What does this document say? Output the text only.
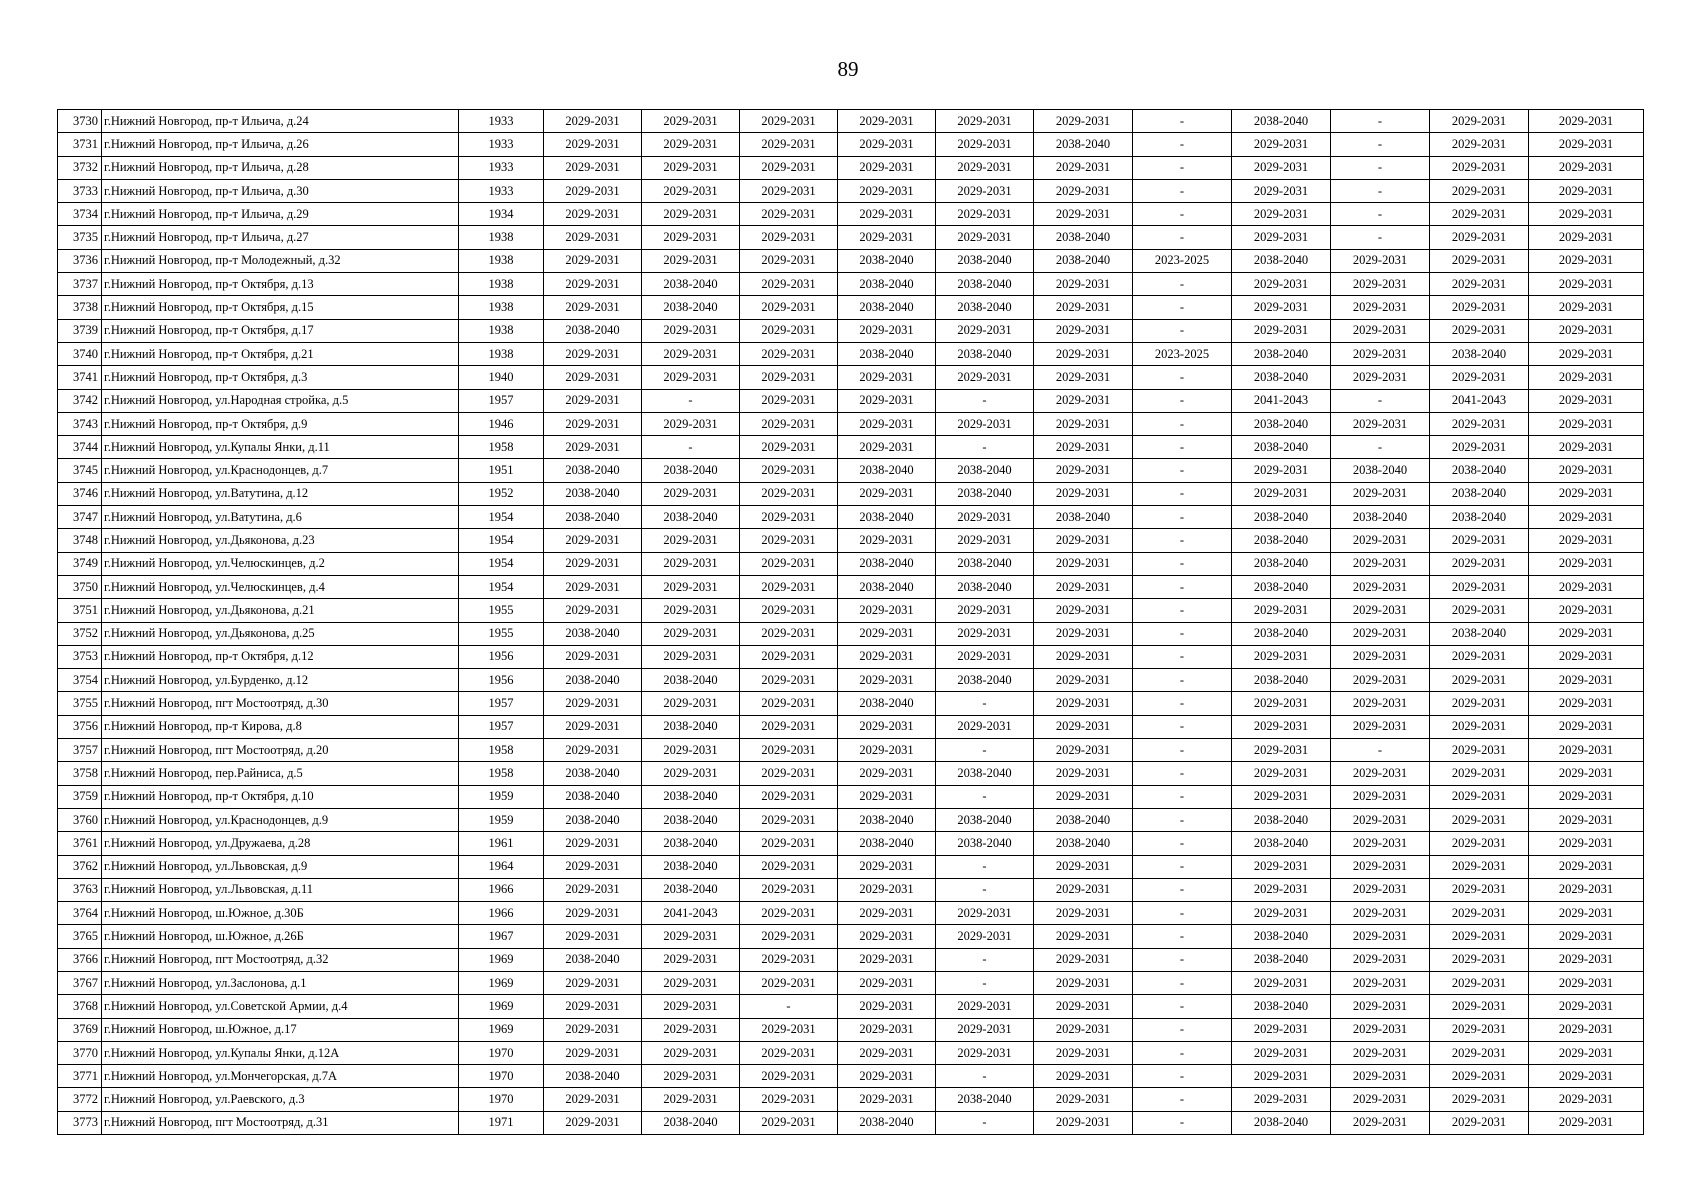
89
3730	г.Нижний Новгород, пр-т Ильича, д.24	1933	2029-2031	2029-2031	2029-2031	2029-2031	2029-2031	2029-2031	-	2038-2040	-	2029-2031	2029-2031
3731	г.Нижний Новгород, пр-т Ильича, д.26	1933	2029-2031	2029-2031	2029-2031	2029-2031	2029-2031	2038-2040	-	2029-2031	-	2029-2031	2029-2031
3732	г.Нижний Новгород, пр-т Ильича, д.28	1933	2029-2031	2029-2031	2029-2031	2029-2031	2029-2031	2029-2031	-	2029-2031	-	2029-2031	2029-2031
3733	г.Нижний Новгород, пр-т Ильича, д.30	1933	2029-2031	2029-2031	2029-2031	2029-2031	2029-2031	2029-2031	-	2029-2031	-	2029-2031	2029-2031
3734	г.Нижний Новгород, пр-т Ильича, д.29	1934	2029-2031	2029-2031	2029-2031	2029-2031	2029-2031	2029-2031	-	2029-2031	-	2029-2031	2029-2031
3735	г.Нижний Новгород, пр-т Ильича, д.27	1938	2029-2031	2029-2031	2029-2031	2029-2031	2029-2031	2038-2040	-	2029-2031	-	2029-2031	2029-2031
3736	г.Нижний Новгород, пр-т Молодежный, д.32	1938	2029-2031	2029-2031	2029-2031	2038-2040	2038-2040	2038-2040	2023-2025	2038-2040	2029-2031	2029-2031	2029-2031
3737	г.Нижний Новгород, пр-т Октября, д.13	1938	2029-2031	2038-2040	2029-2031	2038-2040	2038-2040	2029-2031	-	2029-2031	2029-2031	2029-2031	2029-2031
3738	г.Нижний Новгород, пр-т Октября, д.15	1938	2029-2031	2038-2040	2029-2031	2038-2040	2038-2040	2029-2031	-	2029-2031	2029-2031	2029-2031	2029-2031
3739	г.Нижний Новгород, пр-т Октября, д.17	1938	2038-2040	2029-2031	2029-2031	2029-2031	2029-2031	2029-2031	-	2029-2031	2029-2031	2029-2031	2029-2031
3740	г.Нижний Новгород, пр-т Октября, д.21	1938	2029-2031	2029-2031	2029-2031	2038-2040	2038-2040	2029-2031	2023-2025	2038-2040	2029-2031	2038-2040	2029-2031
3741	г.Нижний Новгород, пр-т Октября, д.3	1940	2029-2031	2029-2031	2029-2031	2029-2031	2029-2031	2029-2031	-	2038-2040	2029-2031	2029-2031	2029-2031
3742	г.Нижний Новгород, ул.Народная стройка, д.5	1957	2029-2031	-	2029-2031	2029-2031	-	2029-2031	-	2041-2043	-	2041-2043	2029-2031
3743	г.Нижний Новгород, пр-т Октября, д.9	1946	2029-2031	2029-2031	2029-2031	2029-2031	2029-2031	2029-2031	-	2038-2040	2029-2031	2029-2031	2029-2031
3744	г.Нижний Новгород, ул.Купалы Янки, д.11	1958	2029-2031	-	2029-2031	2029-2031	-	2029-2031	-	2038-2040	-	2029-2031	2029-2031
3745	г.Нижний Новгород, ул.Краснодонцев, д.7	1951	2038-2040	2038-2040	2029-2031	2038-2040	2038-2040	2029-2031	-	2029-2031	2038-2040	2038-2040	2029-2031
3746	г.Нижний Новгород, ул.Ватутина, д.12	1952	2038-2040	2029-2031	2029-2031	2029-2031	2038-2040	2029-2031	-	2029-2031	2029-2031	2038-2040	2029-2031
3747	г.Нижний Новгород, ул.Ватутина, д.6	1954	2038-2040	2038-2040	2029-2031	2038-2040	2029-2031	2038-2040	-	2038-2040	2038-2040	2038-2040	2029-2031
3748	г.Нижний Новгород, ул.Дьяконова, д.23	1954	2029-2031	2029-2031	2029-2031	2029-2031	2029-2031	2029-2031	-	2038-2040	2029-2031	2029-2031	2029-2031
3749	г.Нижний Новгород, ул.Челюскинцев, д.2	1954	2029-2031	2029-2031	2029-2031	2038-2040	2038-2040	2029-2031	-	2038-2040	2029-2031	2029-2031	2029-2031
3750	г.Нижний Новгород, ул.Челюскинцев, д.4	1954	2029-2031	2029-2031	2029-2031	2038-2040	2038-2040	2029-2031	-	2038-2040	2029-2031	2029-2031	2029-2031
3751	г.Нижний Новгород, ул.Дьяконова, д.21	1955	2029-2031	2029-2031	2029-2031	2029-2031	2029-2031	2029-2031	-	2029-2031	2029-2031	2029-2031	2029-2031
3752	г.Нижний Новгород, ул.Дьяконова, д.25	1955	2038-2040	2029-2031	2029-2031	2029-2031	2029-2031	2029-2031	-	2038-2040	2029-2031	2038-2040	2029-2031
3753	г.Нижний Новгород, пр-т Октября, д.12	1956	2029-2031	2029-2031	2029-2031	2029-2031	2029-2031	2029-2031	-	2029-2031	2029-2031	2029-2031	2029-2031
3754	г.Нижний Новгород, ул.Бурденко, д.12	1956	2038-2040	2038-2040	2029-2031	2029-2031	2038-2040	2029-2031	-	2038-2040	2029-2031	2029-2031	2029-2031
3755	г.Нижний Новгород, пгт Мостоотряд, д.30	1957	2029-2031	2029-2031	2029-2031	2038-2040	-	2029-2031	-	2029-2031	2029-2031	2029-2031	2029-2031
3756	г.Нижний Новгород, пр-т Кирова, д.8	1957	2029-2031	2038-2040	2029-2031	2029-2031	2029-2031	2029-2031	-	2029-2031	2029-2031	2029-2031	2029-2031
3757	г.Нижний Новгород, пгт Мостоотряд, д.20	1958	2029-2031	2029-2031	2029-2031	2029-2031	-	2029-2031	-	2029-2031	-	2029-2031	2029-2031
3758	г.Нижний Новгород, пер.Райниса, д.5	1958	2038-2040	2029-2031	2029-2031	2029-2031	2038-2040	2029-2031	-	2029-2031	2029-2031	2029-2031	2029-2031
3759	г.Нижний Новгород, пр-т Октября, д.10	1959	2038-2040	2038-2040	2029-2031	2029-2031	-	2029-2031	-	2029-2031	2029-2031	2029-2031	2029-2031
3760	г.Нижний Новгород, ул.Краснодонцев, д.9	1959	2038-2040	2038-2040	2029-2031	2038-2040	2038-2040	2038-2040	-	2038-2040	2029-2031	2029-2031	2029-2031
3761	г.Нижний Новгород, ул.Дружаева, д.28	1961	2029-2031	2038-2040	2029-2031	2038-2040	2038-2040	2038-2040	-	2038-2040	2029-2031	2029-2031	2029-2031
3762	г.Нижний Новгород, ул.Львовская, д.9	1964	2029-2031	2038-2040	2029-2031	2029-2031	-	2029-2031	-	2029-2031	2029-2031	2029-2031	2029-2031
3763	г.Нижний Новгород, ул.Львовская, д.11	1966	2029-2031	2038-2040	2029-2031	2029-2031	-	2029-2031	-	2029-2031	2029-2031	2029-2031	2029-2031
3764	г.Нижний Новгород, ш.Южное, д.30Б	1966	2029-2031	2041-2043	2029-2031	2029-2031	2029-2031	2029-2031	-	2029-2031	2029-2031	2029-2031	2029-2031
3765	г.Нижний Новгород, ш.Южное, д.26Б	1967	2029-2031	2029-2031	2029-2031	2029-2031	2029-2031	2029-2031	-	2038-2040	2029-2031	2029-2031	2029-2031
3766	г.Нижний Новгород, пгт Мостоотряд, д.32	1969	2038-2040	2029-2031	2029-2031	2029-2031	-	2029-2031	-	2038-2040	2029-2031	2029-2031	2029-2031
3767	г.Нижний Новгород, ул.Заслонова, д.1	1969	2029-2031	2029-2031	2029-2031	2029-2031	-	2029-2031	-	2029-2031	2029-2031	2029-2031	2029-2031
3768	г.Нижний Новгород, ул.Советской Армии, д.4	1969	2029-2031	2029-2031	-	2029-2031	2029-2031	2029-2031	-	2038-2040	2029-2031	2029-2031	2029-2031
3769	г.Нижний Новгород, ш.Южное, д.17	1969	2029-2031	2029-2031	2029-2031	2029-2031	2029-2031	2029-2031	-	2029-2031	2029-2031	2029-2031	2029-2031
3770	г.Нижний Новгород, ул.Купалы Янки, д.12А	1970	2029-2031	2029-2031	2029-2031	2029-2031	2029-2031	2029-2031	-	2029-2031	2029-2031	2029-2031	2029-2031
3771	г.Нижний Новгород, ул.Мончегорская, д.7А	1970	2038-2040	2029-2031	2029-2031	2029-2031	-	2029-2031	-	2029-2031	2029-2031	2029-2031	2029-2031
3772	г.Нижний Новгород, ул.Раевского, д.3	1970	2029-2031	2029-2031	2029-2031	2029-2031	2038-2040	2029-2031	-	2029-2031	2029-2031	2029-2031	2029-2031
3773	г.Нижний Новгород, пгт Мостоотряд, д.31	1971	2029-2031	2038-2040	2029-2031	2038-2040	-	2029-2031	-	2038-2040	2029-2031	2029-2031	2029-2031
